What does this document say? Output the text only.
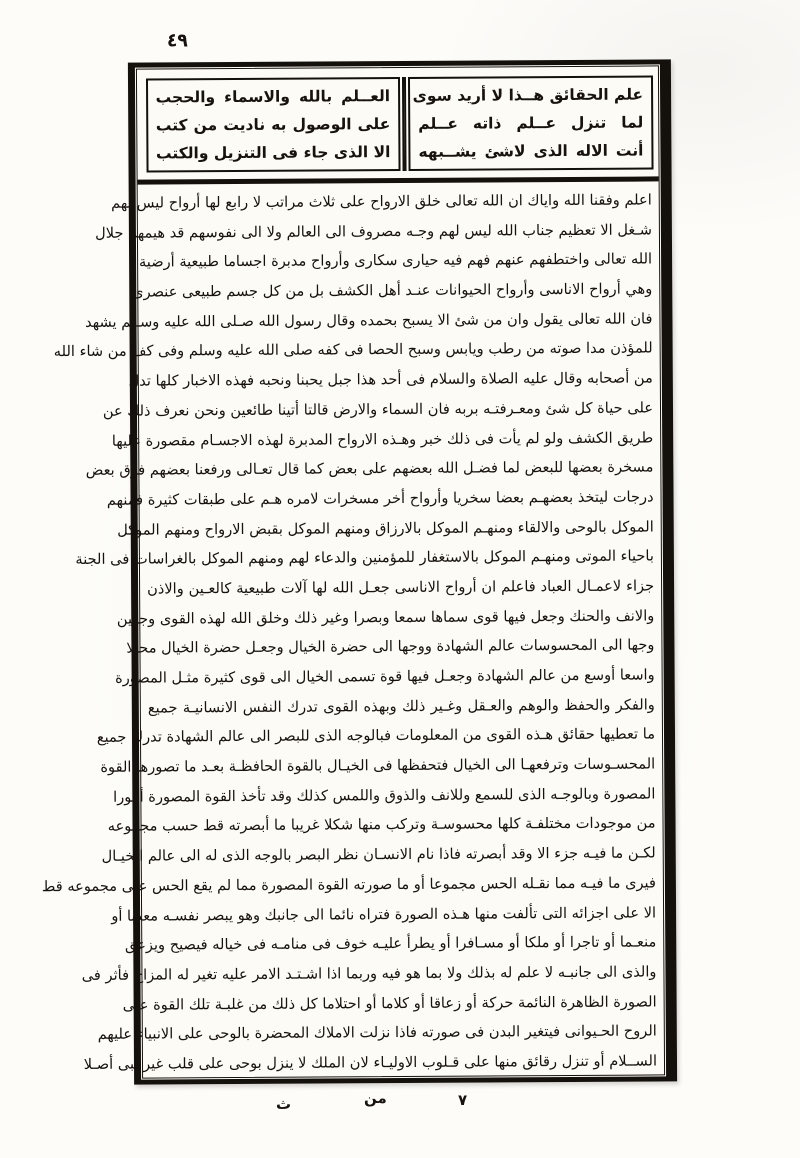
٤٩
علم الحقائق هــذا لا أريد سوى
لما تنزل عــلم ذاته عــلم
أنت الاله الذى لاشئ يشــبهه
العــلم بالله والاسماء والحجب
على الوصول به ناديت من كتب
الا الذى جاء فى التنزيل والكتب
اعلم وفقنا الله واياك ان الله تعالى خلق الارواح على ثلاث مراتب لا رابع لها أرواح ليس لهم
شـغل الا تعظيم جناب الله ليس لهم وجـه مصروف الى العالم ولا الى نفوسهم قد هيمهم جلال
الله تعالى واختطفهم عنهم فهم فيه حيارى سكارى وأرواح مدبرة اجساما طبيعية أرضية
وهي أرواح الاناسى وأرواح الحيوانات عنـد أهل الكشف بل من كل جسم طبيعى عنصرى
فان الله تعالى يقول وان من شئ الا يسبح بحمده وقال رسول الله صـلى الله عليه وسـلم يشهد
للمؤذن مدا صوته من رطب ويابس وسبح الحصا فى كفه صلى الله عليه وسلم وفى كف من شاء الله
من أصحابه وقال عليه الصلاة والسلام فى أحد هذا جبل يحبنا ونحبه فهذه الاخبار كلها تدل
على حياة كل شئ ومعـرفتـه بربه فان السماء والارض قالتا أتينا طائعين ونحن نعرف ذلك عن
طريق الكشف ولو لم يأت فى ذلك خبر وهـذه الارواح المدبرة لهذه الاجسـام مقصورة عليها
مسخرة بعضها للبعض لما فضـل الله بعضهم على بعض كما قال تعـالى ورفعنا بعضهم فوق بعض
درجات ليتخذ بعضهـم بعضا سخريا وأرواح أخر مسخرات لامره هـم على طبقات كثيرة فمنهم
الموكل بالوحى والالقاء ومنهـم الموكل بالارزاق ومنهم الموكل بقبض الارواح ومنهم الموكل
باحياء الموتى ومنهـم الموكل بالاستغفار للمؤمنين والدعاء لهم ومنهم الموكل بالغراسات فى الجنة
جزاء لاعمـال العباد فاعلم ان أرواح الاناسى جعـل الله لها آلات طبيعية كالعـين والاذن
والانف والحنك وجعل فيها قوى سماها سمعا وبصرا وغير ذلك وخلق الله لهذه القوى وجهين
وجها الى المحسوسات عالم الشهادة ووجها الى حضرة الخيال وجعـل حضرة الخيال محـلا
واسعا أوسع من عالم الشهادة وجعـل فيها قوة تسمى الخيال الى قوى كثيرة مثـل المصورة
والفكر والحفظ والوهم والعـقل وغـير ذلك وبهذه القوى تدرك النفس الانسانيـة جميع
ما تعطيها حقائق هـذه القوى من المعلومات فبالوجه الذى للبصر الى عالم الشهادة تدرك جميع
المحسـوسات وترفعهـا الى الخيال فتحفظها فى الخيـال بالقوة الحافظـة بعـد ما تصورها القوة
المصورة وبالوجـه الذى للسمع وللانف والذوق واللمس كذلك وقد تأخذ القوة المصورة أمورا
من موجودات مختلفـة كلها محسوسـة وتركب منها شكلا غريبا ما أبصرته قط حسب مجموعه
لكـن ما فيـه جزء الا وقد أبصرته فاذا نام الانسـان نظر البصر بالوجه الذى له الى عالم الخيـال
فيرى ما فيـه مما نقـله الحس مجموعا أو ما صورته القوة المصورة مما لم يقع الحس على مجموعه قط
الا على اجزائه التى تألفت منها هـذه الصورة فتراه نائما الى جانبك وهو يبصر نفسـه معذبا أو
منعـما أو تاجرا أو ملكا أو مسـافرا أو يطرأ عليـه خوف فى منامـه فى خياله فيصيح ويزعق
والذى الى جانبـه لا علم له بذلك ولا بما هو فيه وربما اذا اشـتـد الامر عليه تغير له المزاج فأثر فى
الصورة الظاهرة النائمة حركة أو زعاقا أو كلاما أو احتلاما كل ذلك من غلبـة تلك القوة على
الروح الحـيوانى فيتغير البدن فى صورته فاذا نزلت الاملاك المحضرة بالوحى على الانبياء عليهم
الســلام أو تنزل رقائق منها على قـلوب الاوليـاء لان الملك لا ينزل بوحى على قلب غير نبى أصـلا
٧
من
ث
